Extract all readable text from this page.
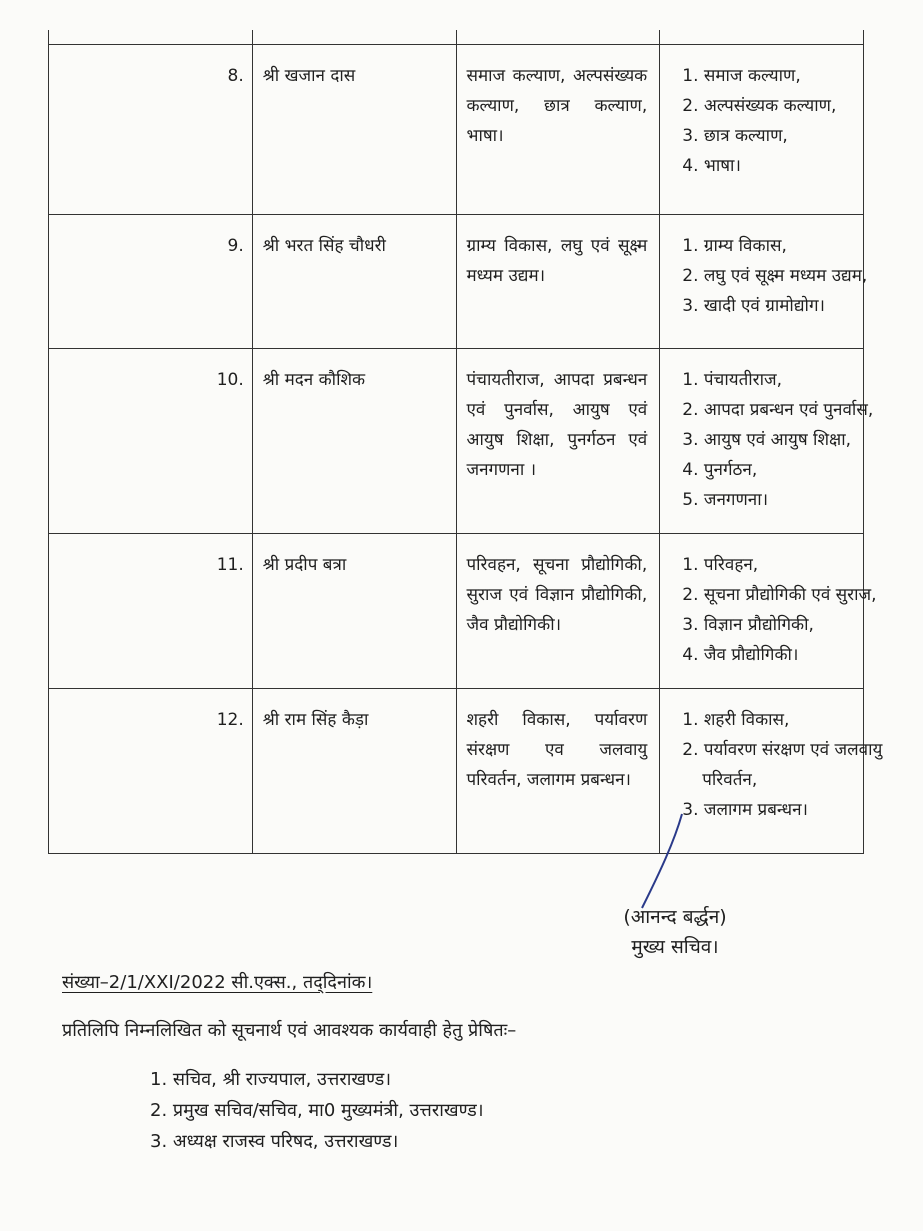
8.	श्री खजान दास	समाज कल्याण, अल्पसंख्यक कल्याण, छात्र कल्याण, भाषा।	1. समाज कल्याण,
2. अल्पसंख्यक कल्याण,
3. छात्र कल्याण,
4. भाषा।

9.	श्री भरत सिंह चौधरी	ग्राम्य विकास, लघु एवं सूक्ष्म मध्यम उद्यम।	1. ग्राम्य विकास,
2. लघु एवं सूक्ष्म मध्यम उद्यम,
3. खादी एवं ग्रामोद्योग।

10.	श्री मदन कौशिक	पंचायतीराज, आपदा प्रबन्धन एवं पुनर्वास, आयुष एवं आयुष शिक्षा, पुनर्गठन एवं जनगणना ।	1. पंचायतीराज,
2. आपदा प्रबन्धन एवं पुनर्वास,
3. आयुष एवं आयुष शिक्षा,
4. पुनर्गठन,
5. जनगणना।

11.	श्री प्रदीप बत्रा	परिवहन, सूचना प्रौद्योगिकी, सुराज एवं विज्ञान प्रौद्योगिकी, जैव प्रौद्योगिकी।	1. परिवहन,
2. सूचना प्रौद्योगिकी एवं सुराज,
3. विज्ञान प्रौद्योगिकी,
4. जैव प्रौद्योगिकी।

12.	श्री राम सिंह कैड़ा	शहरी विकास, पर्यावरण संरक्षण एव जलवायु परिवर्तन, जलागम प्रबन्धन।	1. शहरी विकास,
2. पर्यावरण संरक्षण एवं जलवायु
परिवर्तन,
3. जलागम प्रबन्धन।
(आनन्द बर्द्धन)
मुख्य सचिव।
संख्या–2/1/XXI/2022 सी.एक्स., तद्‌दिनांक।
प्रतिलिपि निम्नलिखित को सूचनार्थ एवं आवश्यक कार्यवाही हेतु प्रेषितः–
1. सचिव, श्री राज्यपाल, उत्तराखण्ड।
2. प्रमुख सचिव/सचिव, मा0 मुख्यमंत्री, उत्तराखण्ड।
3. अध्यक्ष राजस्व परिषद, उत्तराखण्ड।
